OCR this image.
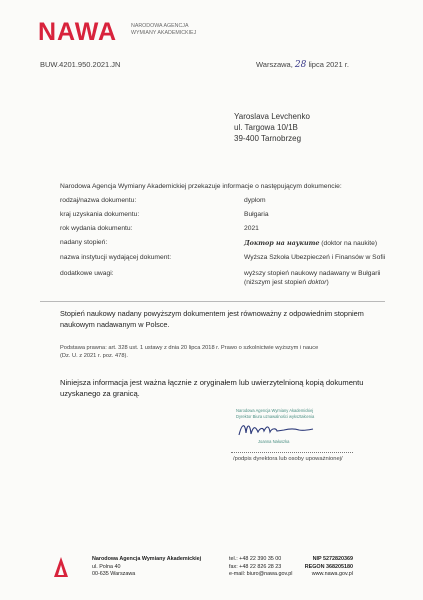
NAWA	NARODOWA AGENCJA
WYMIANY AKADEMICKIEJ
BUW.4201.950.2021.JN	Warszawa, 28 lipca 2021 r.
Yaroslava Levchenko
ul. Targowa 10/1B
39-400 Tarnobrzeg
Narodowa Agencja Wymiany Akademickiej przekazuje informacje o następującym dokumencie:
rodzaj/nazwa dokumentu:	dyplom
kraj uzyskania dokumentu:	Bułgaria
rok wydania dokumentu:	2021
nadany stopień:	Доктор на науките (doktor na naukite)
nazwa instytucji wydającej dokument:	Wyższa Szkoła Ubezpieczeń i Finansów w Sofii
dodatkowe uwagi:	wyższy stopień naukowy nadawany w Bułgarii
(niższym jest stopień doktor)
Stopień naukowy nadany powyższym dokumentem jest równoważny z odpowiednim stopniem
naukowym nadawanym w Polsce.
Podstawa prawna: art. 328 ust. 1 ustawy z dnia 20 lipca 2018 r. Prawo o szkolnictwie wyższym i nauce
(Dz. U. z 2021 r. poz. 478).
Niniejsza informacja jest ważna łącznie z oryginałem lub uwierzytelnioną kopią dokumentu
uzyskanego za granicą.
Narodowa Agencja Wymiany Akademickiej
Dyrektor Biura uznawalności wykształcenia
Joanna Nałuszka
/podpis dyrektora lub osoby upoważnionej/
Narodowa Agencja Wymiany Akademickiej
ul. Polna 40
00-635 Warszawa
tel.: +48 22 390 35 00
fax: +48 22 826 28 23
e-mail: biuro@nawa.gov.pl
NIP 5272820369
REGON 368205180
www.nawa.gov.pl
